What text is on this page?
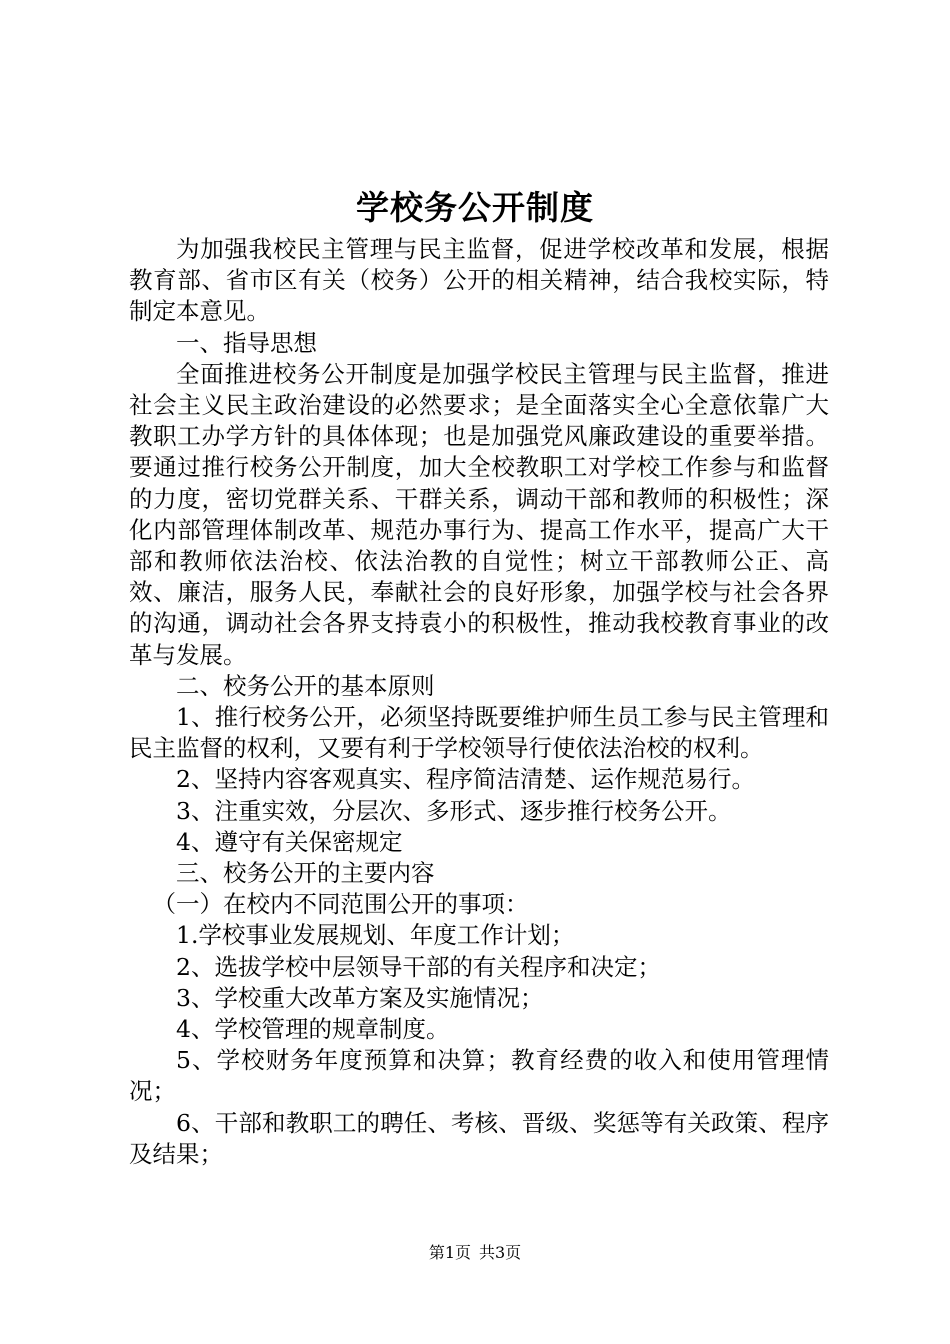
学校务公开制度

为加强我校民主管理与民主监督，促进学校改革和发展，根据教育部、省市区有关（校务）公开的相关精神，结合我校实际，特制定本意见。

一、指导思想

全面推进校务公开制度是加强学校民主管理与民主监督，推进社会主义民主政治建设的必然要求；是全面落实全心全意依靠广大教职工办学方针的具体体现；也是加强党风廉政建设的重要举措。要通过推行校务公开制度，加大全校教职工对学校工作参与和监督的力度，密切党群关系、干群关系，调动干部和教师的积极性；深化内部管理体制改革、规范办事行为、提高工作水平，提高广大干部和教师依法治校、依法治教的自觉性；树立干部教师公正、高效、廉洁，服务人民，奉献社会的良好形象，加强学校与社会各界的沟通，调动社会各界支持袁小的积极性，推动我校教育事业的改革与发展。

二、校务公开的基本原则

1、推行校务公开，必须坚持既要维护师生员工参与民主管理和民主监督的权利，又要有利于学校领导行使依法治校的权利。

2、坚持内容客观真实、程序简洁清楚、运作规范易行。

3、注重实效，分层次、多形式、逐步推行校务公开。

4、遵守有关保密规定

三、校务公开的主要内容

（一）在校内不同范围公开的事项：

1.学校事业发展规划、年度工作计划；

2、选拔学校中层领导干部的有关程序和决定；

3、学校重大改革方案及实施情况；

4、学校管理的规章制度。

5、学校财务年度预算和决算；教育经费的收入和使用管理情况；

6、干部和教职工的聘任、考核、晋级、奖惩等有关政策、程序及结果；

第1页 共3页
